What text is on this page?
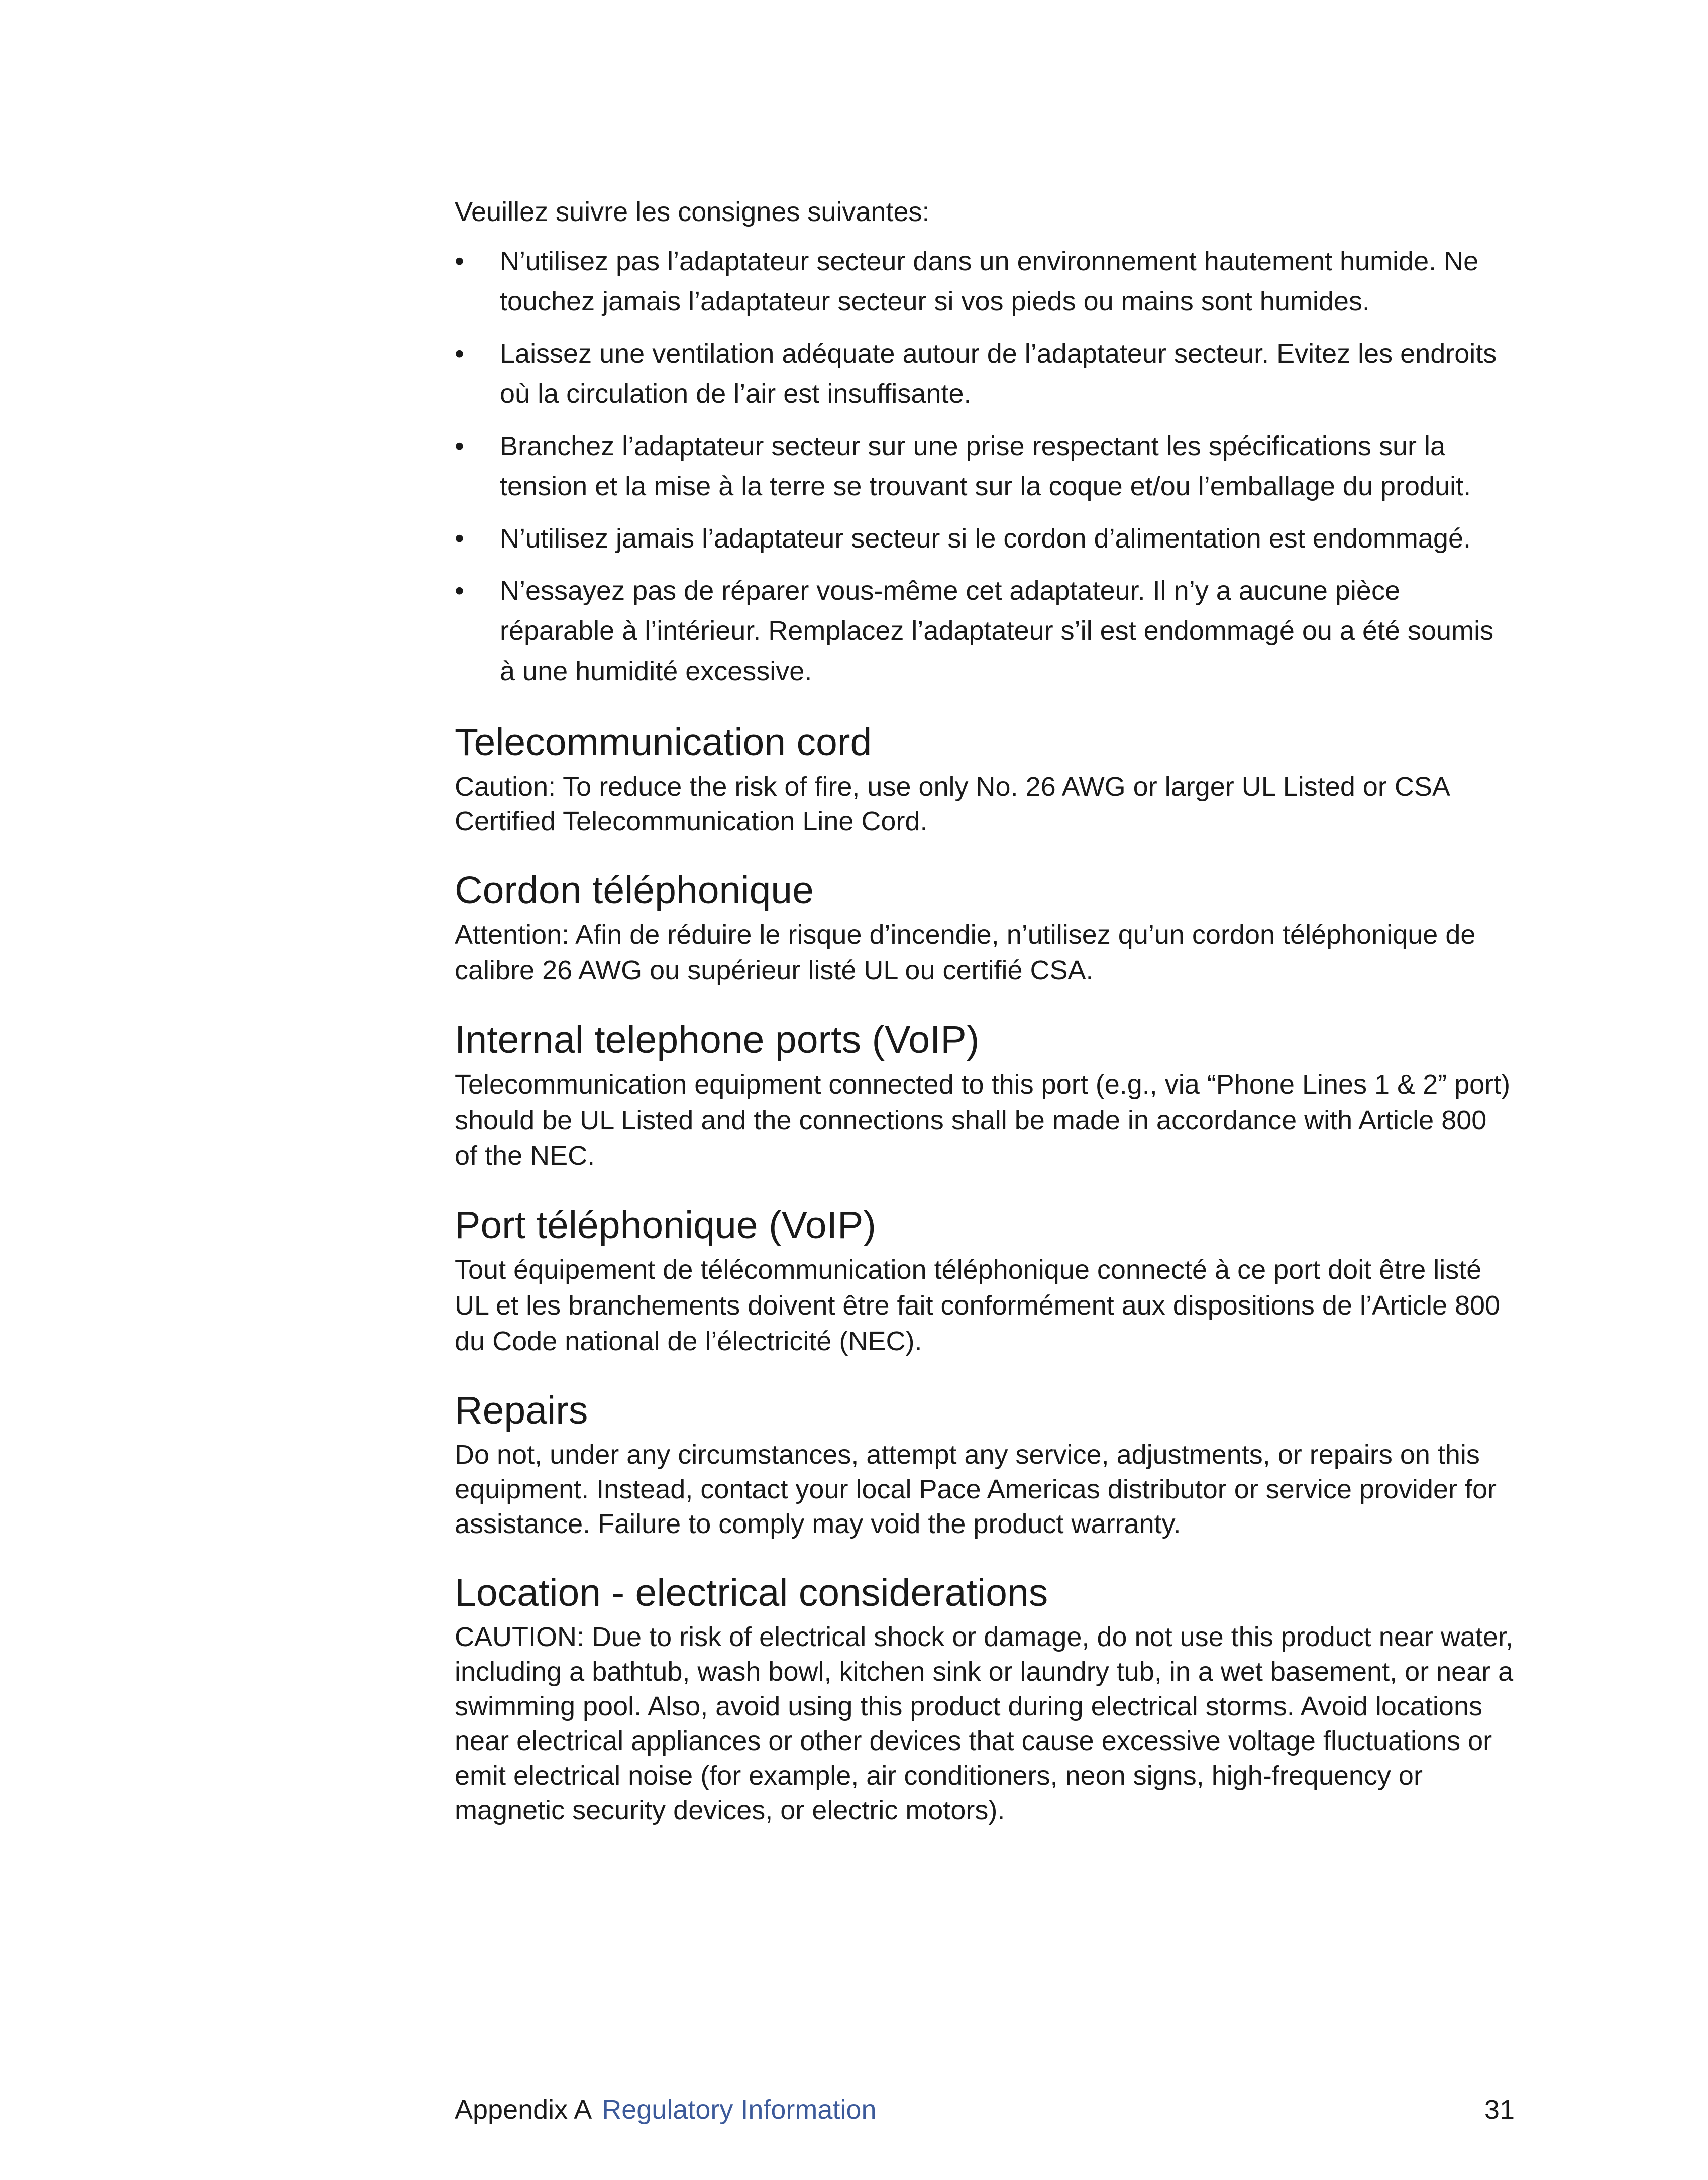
Veuillez suivre les consignes suivantes:

•	N’utilisez pas l’adaptateur secteur dans un environnement hautement humide. Ne touchez jamais l’adaptateur secteur si vos pieds ou mains sont humides.
•	Laissez une ventilation adéquate autour de l’adaptateur secteur. Evitez les endroits où la circulation de l’air est insuffisante.
•	Branchez l’adaptateur secteur sur une prise respectant les spécifications sur la tension et la mise à la terre se trouvant sur la coque et/ou l’emballage du produit.
•	N’utilisez jamais l’adaptateur secteur si le cordon d’alimentation est endommagé.
•	N’essayez pas de réparer vous-même cet adaptateur. Il n’y a aucune pièce réparable à l’intérieur. Remplacez l’adaptateur s’il est endommagé ou a été soumis à une humidité excessive.
Telecommunication cord

Caution: To reduce the risk of fire, use only No. 26 AWG or larger UL Listed or CSA Certified Telecommunication Line Cord.

Cordon téléphonique

Attention: Afin de réduire le risque d’incendie, n’utilisez qu’un cordon téléphonique de calibre 26 AWG ou supérieur listé UL ou certifié CSA.

Internal telephone ports (VoIP)

Telecommunication equipment connected to this port (e.g., via “Phone Lines 1 & 2” port) should be UL Listed and the connections shall be made in accordance with Article 800 of the NEC.

Port téléphonique (VoIP)

Tout équipement de télécommunication téléphonique connecté à ce port doit être listé UL et les branchements doivent être fait conformément aux dispositions de l’Article 800 du Code national de l’électricité (NEC).

Repairs

Do not, under any circumstances, attempt any service, adjustments, or repairs on this equipment. Instead, contact your local Pace Americas distributor or service provider for assistance. Failure to comply may void the product warranty.

Location - electrical considerations

CAUTION: Due to risk of electrical shock or damage, do not use this product near water, including a bathtub, wash bowl, kitchen sink or laundry tub, in a wet basement, or near a swimming pool. Also, avoid using this product during electrical storms. Avoid locations near electrical appliances or other devices that cause excessive voltage fluctuations or emit electrical noise (for example, air conditioners, neon signs, high-frequency or magnetic security devices, or electric motors).

Appendix A Regulatory Information	31
